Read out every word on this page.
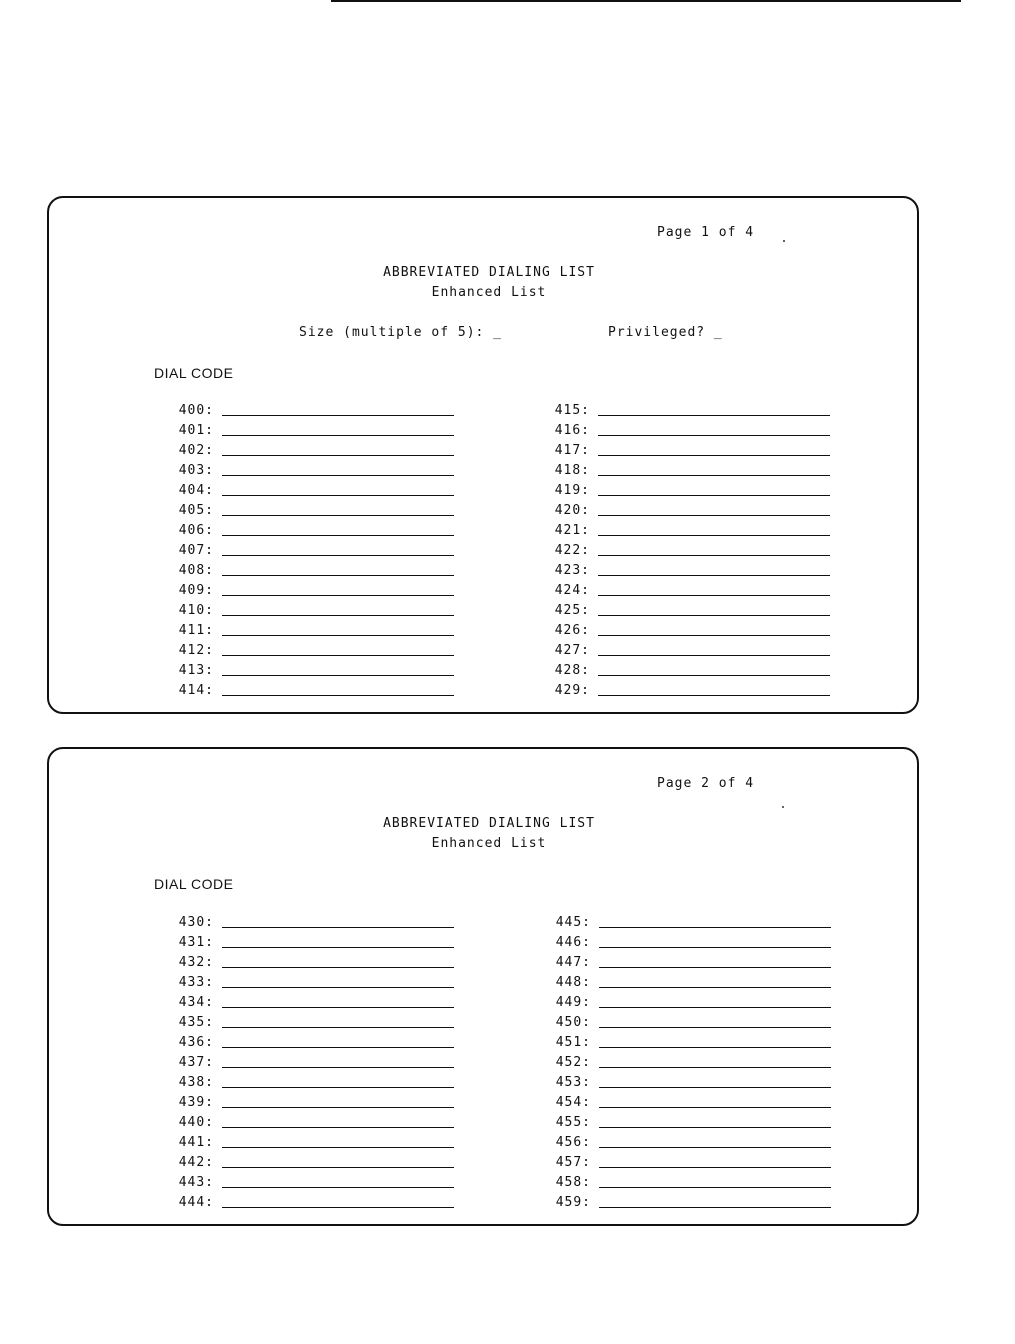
Page 1 of 4
ABBREVIATED DIALING LIST
Enhanced List
Size (multiple of 5): _	Privileged? _
DIAL CODE
400:
401:
402:
403:
404:
405:
406:
407:
408:
409:
410:
411:
412:
413:
414:
415:
416:
417:
418:
419:
420:
421:
422:
423:
424:
425:
426:
427:
428:
429:
Page 2 of 4
ABBREVIATED DIALING LIST
Enhanced List
DIAL CODE
430:
431:
432:
433:
434:
435:
436:
437:
438:
439:
440:
441:
442:
443:
444:
445:
446:
447:
448:
449:
450:
451:
452:
453:
454:
455:
456:
457:
458:
459:
